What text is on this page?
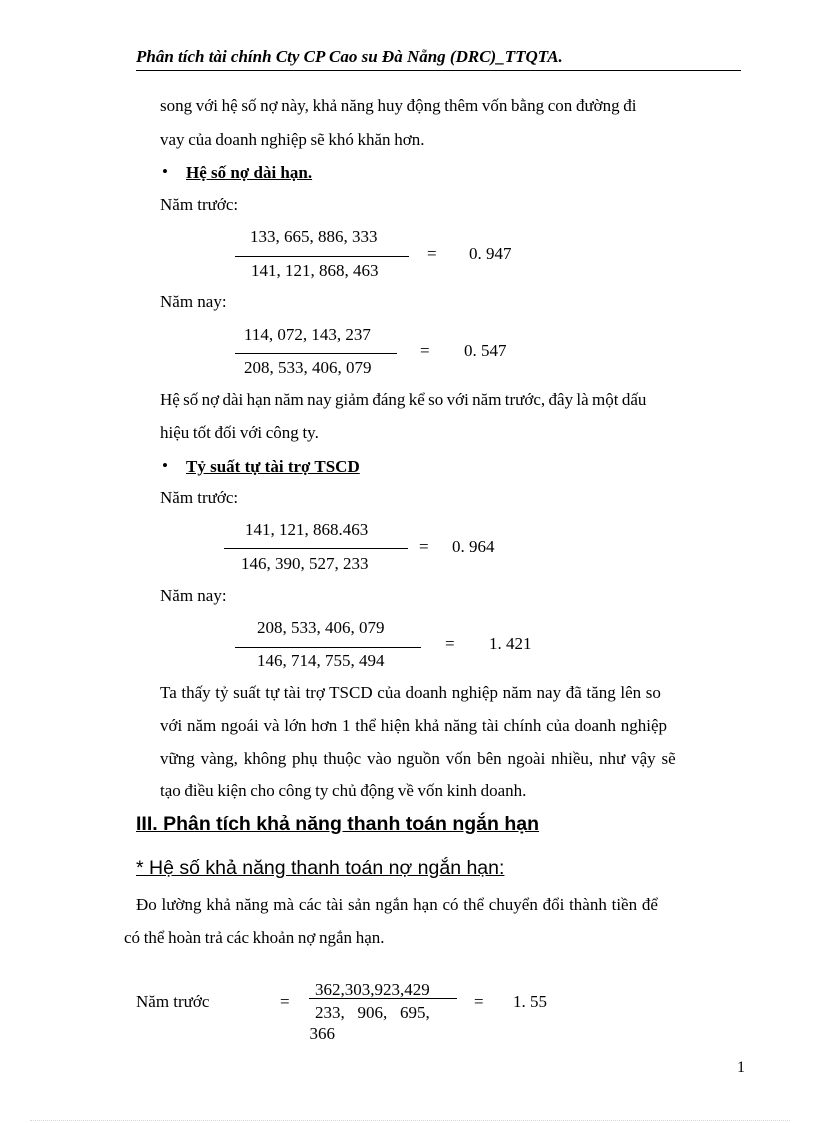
Phân tích tài chính Cty CP Cao su Đà Nẵng (DRC)_TTQTA.
song với hệ số nợ này, khả năng huy động thêm vốn bằng con đường đi
vay của doanh nghiệp sẽ khó khăn hơn.
• Hệ số nợ dài hạn.
Năm trước:
133, 665, 886, 333
141, 121, 868, 463
= 0. 947
Năm nay:
114, 072, 143, 237
208, 533, 406, 079
= 0. 547
Hệ số nợ dài hạn năm nay giảm đáng kể so với năm trước, đây là một dấu
hiệu tốt đối với công ty.
• Tỷ suất tự tài trợ TSCD
Năm trước:
141, 121, 868.463
146, 390, 527, 233
= 0. 964
Năm nay:
208, 533, 406, 079
146, 714, 755, 494
= 1. 421
Ta thấy tỷ suất tự tài trợ TSCD của doanh nghiệp năm nay đã tăng lên so
với năm ngoái và lớn hơn 1 thể hiện khả năng tài chính của doanh nghiệp
vững vàng, không phụ thuộc vào nguồn vốn bên ngoài nhiều, như vậy sẽ
tạo điều kiện cho công ty chủ động về vốn kinh doanh.
III. Phân tích khả năng thanh toán ngắn hạn
* Hệ số khả năng thanh toán nợ ngắn hạn:
Đo lường khả năng mà các tài sản ngắn hạn có thể chuyển đổi thành tiền để
có thể hoàn trả các khoản nợ ngắn hạn.
Năm trước	=
362,303,923,429
233,   906,   695,
366
= 1. 55
1
